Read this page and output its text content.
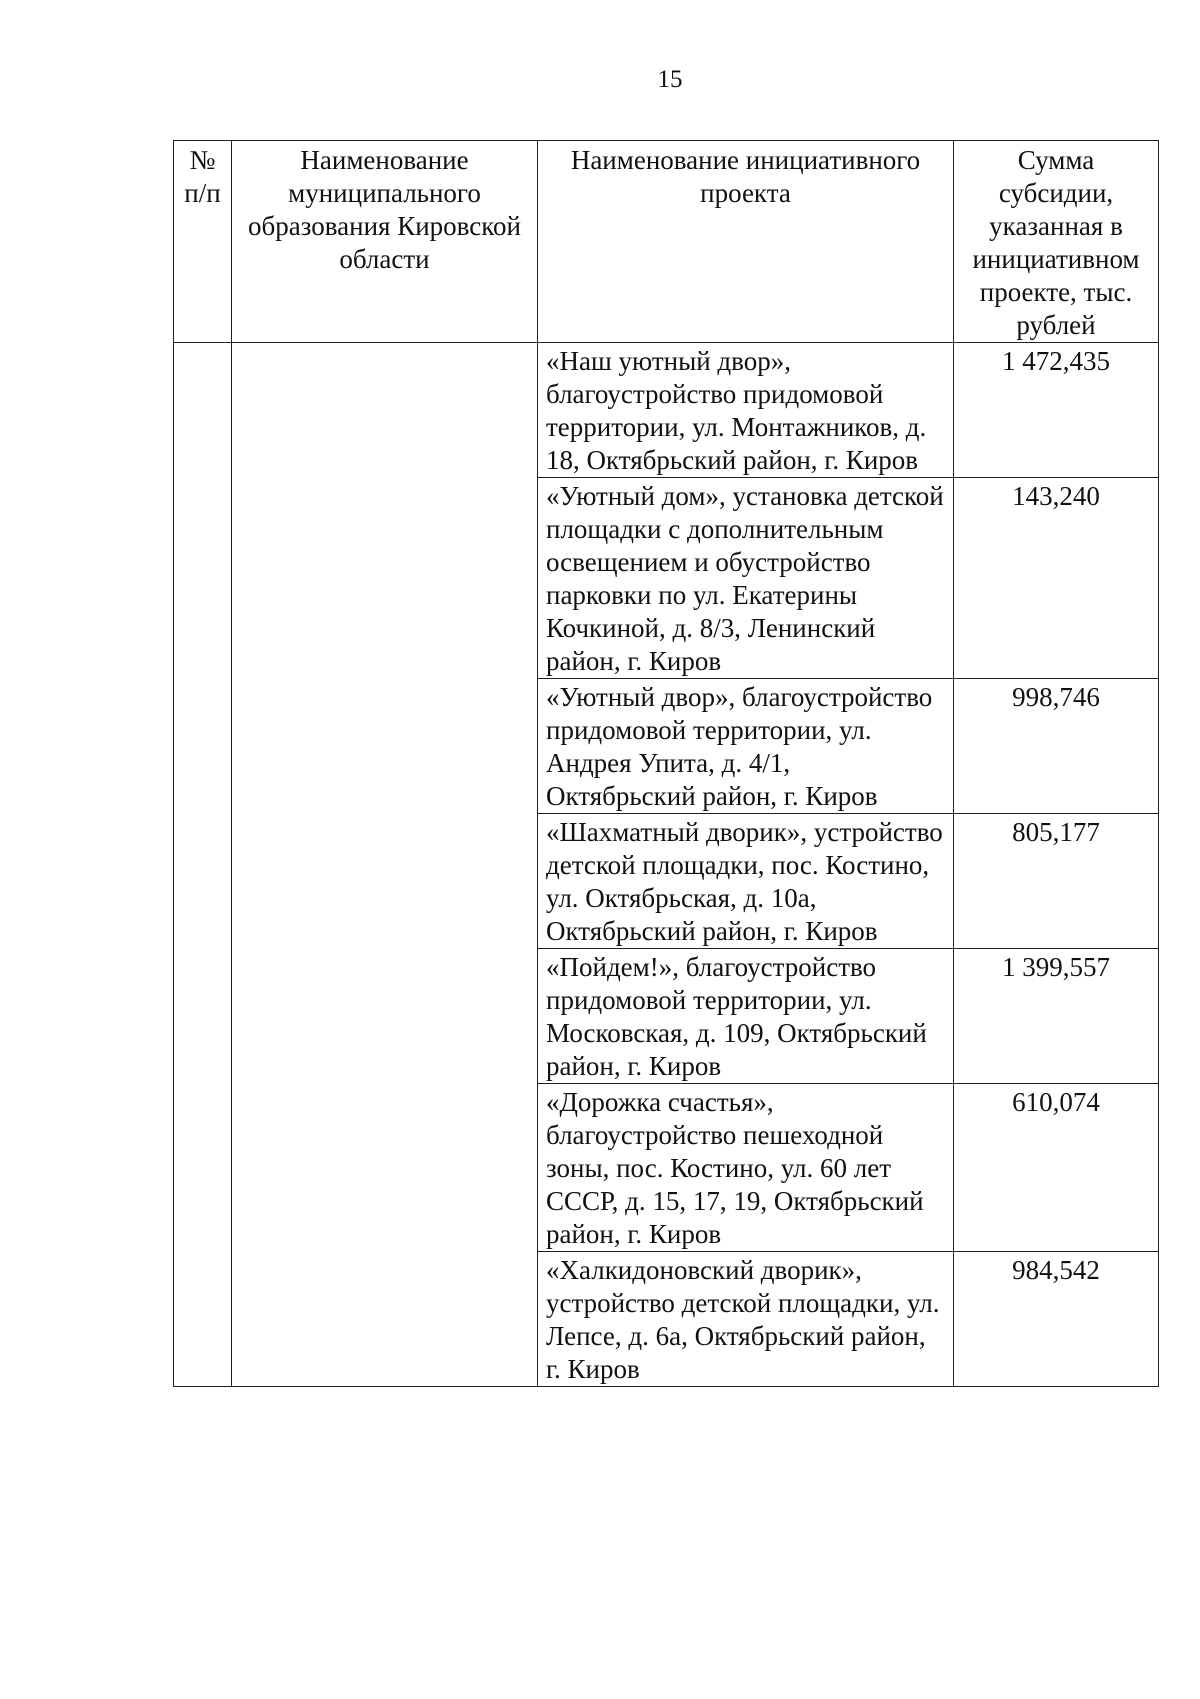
15
№ п/п	Наименование муниципального образования Кировской области	Наименование инициативного проекта	Сумма субсидии, указанная в инициативном проекте, тыс. рублей
		«Наш уютный двор», благоустройство придомовой территории, ул. Монтажников, д. 18, Октябрьский район, г. Киров	1 472,435
		«Уютный дом», установка детской площадки с дополнительным освещением и обустройство парковки по ул. Екатерины Кочкиной, д. 8/3, Ленинский район, г. Киров	143,240
		«Уютный двор», благоустройство придомовой территории, ул. Андрея Упита, д. 4/1, Октябрьский район, г. Киров	998,746
		«Шахматный дворик», устройство детской площадки, пос. Костино, ул. Октябрьская, д. 10а, Октябрьский район, г. Киров	805,177
		«Пойдем!», благоустройство придомовой территории, ул. Московская, д. 109, Октябрьский район, г. Киров	1 399,557
		«Дорожка счастья», благоустройство пешеходной зоны, пос. Костино, ул. 60 лет СССР, д. 15, 17, 19, Октябрьский район, г. Киров	610,074
		«Халкидоновский дворик», устройство детской площадки, ул. Лепсе, д. 6а, Октябрьский район, г. Киров	984,542
